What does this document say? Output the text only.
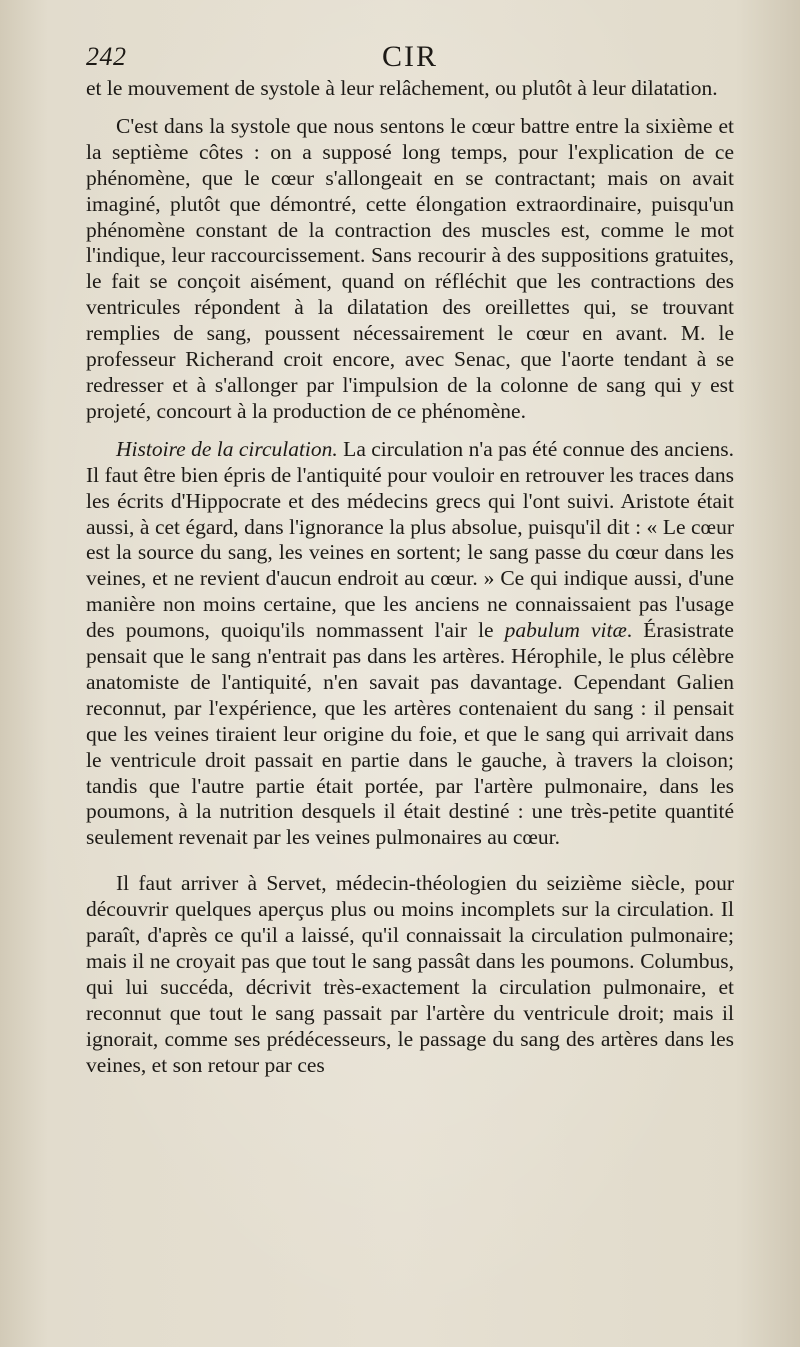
242	CIR

et le mouvement de systole à leur relâchement, ou plutôt à leur dilatation.

C'est dans la systole que nous sentons le cœur battre entre la sixième et la septième côtes : on a supposé long temps, pour l'explication de ce phénomène, que le cœur s'allongeait en se contractant; mais on avait imaginé, plutôt que démontré, cette élongation extraordinaire, puisqu'un phénomène constant de la contraction des muscles est, comme le mot l'indique, leur raccourcissement. Sans recourir à des suppositions gratuites, le fait se conçoit aisément, quand on réfléchit que les contractions des ventricules répondent à la dilatation des oreillettes qui, se trouvant remplies de sang, poussent nécessairement le cœur en avant. M. le professeur Richerand croit encore, avec Senac, que l'aorte tendant à se redresser et à s'allonger par l'impulsion de la colonne de sang qui y est projeté, concourt à la production de ce phénomène.

Histoire de la circulation. La circulation n'a pas été connue des anciens. Il faut être bien épris de l'antiquité pour vouloir en retrouver les traces dans les écrits d'Hippocrate et des médecins grecs qui l'ont suivi. Aristote était aussi, à cet égard, dans l'ignorance la plus absolue, puisqu'il dit : « Le cœur est la source du sang, les veines en sortent; le sang passe du cœur dans les veines, et ne revient d'aucun endroit au cœur. » Ce qui indique aussi, d'une manière non moins certaine, que les anciens ne connaissaient pas l'usage des poumons, quoiqu'ils nommassent l'air le pabulum vitæ. Érasistrate pensait que le sang n'entrait pas dans les artères. Hérophile, le plus célèbre anatomiste de l'antiquité, n'en savait pas davantage. Cependant Galien reconnut, par l'expérience, que les artères contenaient du sang : il pensait que les veines tiraient leur origine du foie, et que le sang qui arrivait dans le ventricule droit passait en partie dans le gauche, à travers la cloison; tandis que l'autre partie était portée, par l'artère pulmonaire, dans les poumons, à la nutrition desquels il était destiné : une très-petite quantité seulement revenait par les veines pulmonaires au cœur.

Il faut arriver à Servet, médecin-théologien du seizième siècle, pour découvrir quelques aperçus plus ou moins incomplets sur la circulation. Il paraît, d'après ce qu'il a laissé, qu'il connaissait la circulation pulmonaire; mais il ne croyait pas que tout le sang passât dans les poumons. Columbus, qui lui succéda, décrivit très-exactement la circulation pulmonaire, et reconnut que tout le sang passait par l'artère du ventricule droit; mais il ignorait, comme ses prédécesseurs, le passage du sang des artères dans les veines, et son retour par ces
